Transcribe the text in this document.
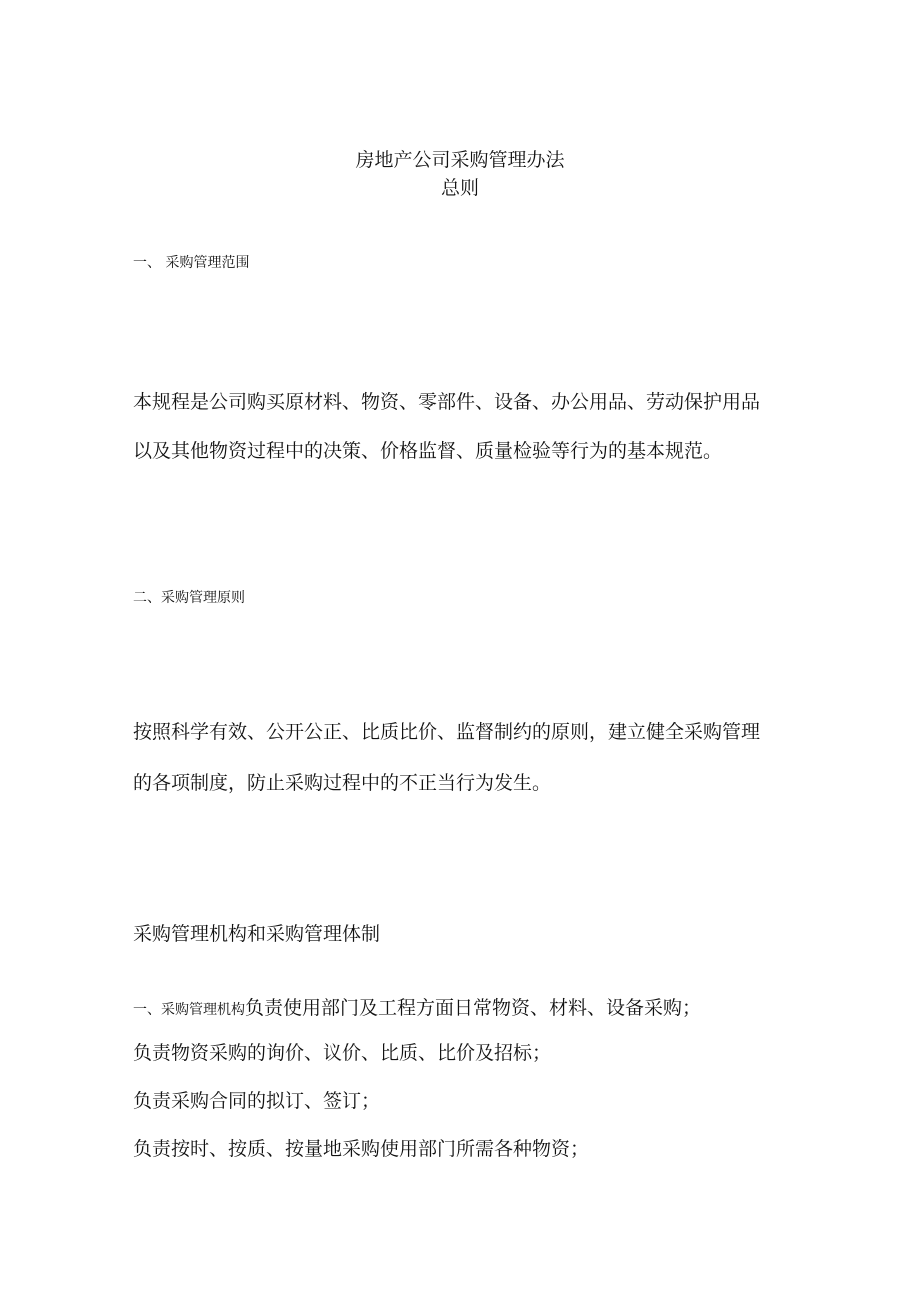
房地产公司采购管理办法
总则
一、 采购管理范围
本规程是公司购买原材料、物资、零部件、设备、办公用品、劳动保护用品
以及其他物资过程中的决策、价格监督、质量检验等行为的基本规范。
二、采购管理原则
按照科学有效、公开公正、比质比价、监督制约的原则，建立健全采购管理
的各项制度，防止采购过程中的不正当行为发生。
采购管理机构和采购管理体制
一、采购管理机构负责使用部门及工程方面日常物资、材料、设备采购；
负责物资采购的询价、议价、比质、比价及招标；
负责采购合同的拟订、签订；
负责按时、按质、按量地采购使用部门所需各种物资；
